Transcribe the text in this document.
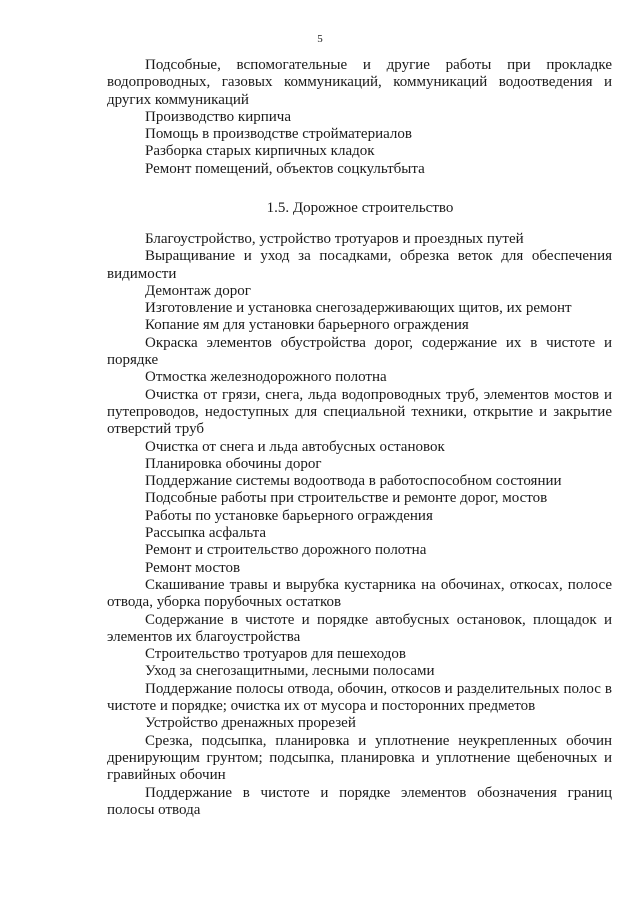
5

Подсобные, вспомогательные и другие работы при прокладке водопроводных, газовых коммуникаций, коммуникаций водоотведения и других коммуникаций

Производство кирпича

Помощь в производстве стройматериалов

Разборка старых кирпичных кладок

Ремонт помещений, объектов соцкультбыта

1.5. Дорожное строительство

Благоустройство, устройство тротуаров и проездных путей

Выращивание и уход за посадками, обрезка веток для обеспечения видимости

Демонтаж дорог

Изготовление и установка снегозадерживающих щитов, их ремонт

Копание ям для установки барьерного ограждения

Окраска элементов обустройства дорог, содержание их в чистоте и порядке

Отмостка железнодорожного полотна

Очистка от грязи, снега, льда водопроводных труб, элементов мостов и путепроводов, недоступных для специальной техники, открытие и закрытие отверстий труб

Очистка от снега и льда автобусных остановок

Планировка обочины дорог

Поддержание системы водоотвода в работоспособном состоянии

Подсобные работы при строительстве и ремонте дорог, мостов

Работы по установке барьерного ограждения

Рассыпка асфальта

Ремонт и строительство дорожного полотна

Ремонт мостов

Скашивание травы и вырубка кустарника на обочинах, откосах, полосе отвода, уборка порубочных остатков

Содержание в чистоте и порядке автобусных остановок, площадок и элементов их благоустройства

Строительство тротуаров для пешеходов

Уход за снегозащитными, лесными полосами

Поддержание полосы отвода, обочин, откосов и разделительных полос в чистоте и порядке; очистка их от мусора и посторонних предметов

Устройство дренажных прорезей

Срезка, подсыпка, планировка и уплотнение неукрепленных обочин дренирующим грунтом; подсыпка, планировка и уплотнение щебеночных и гравийных обочин

Поддержание в чистоте и порядке элементов обозначения границ полосы отвода
